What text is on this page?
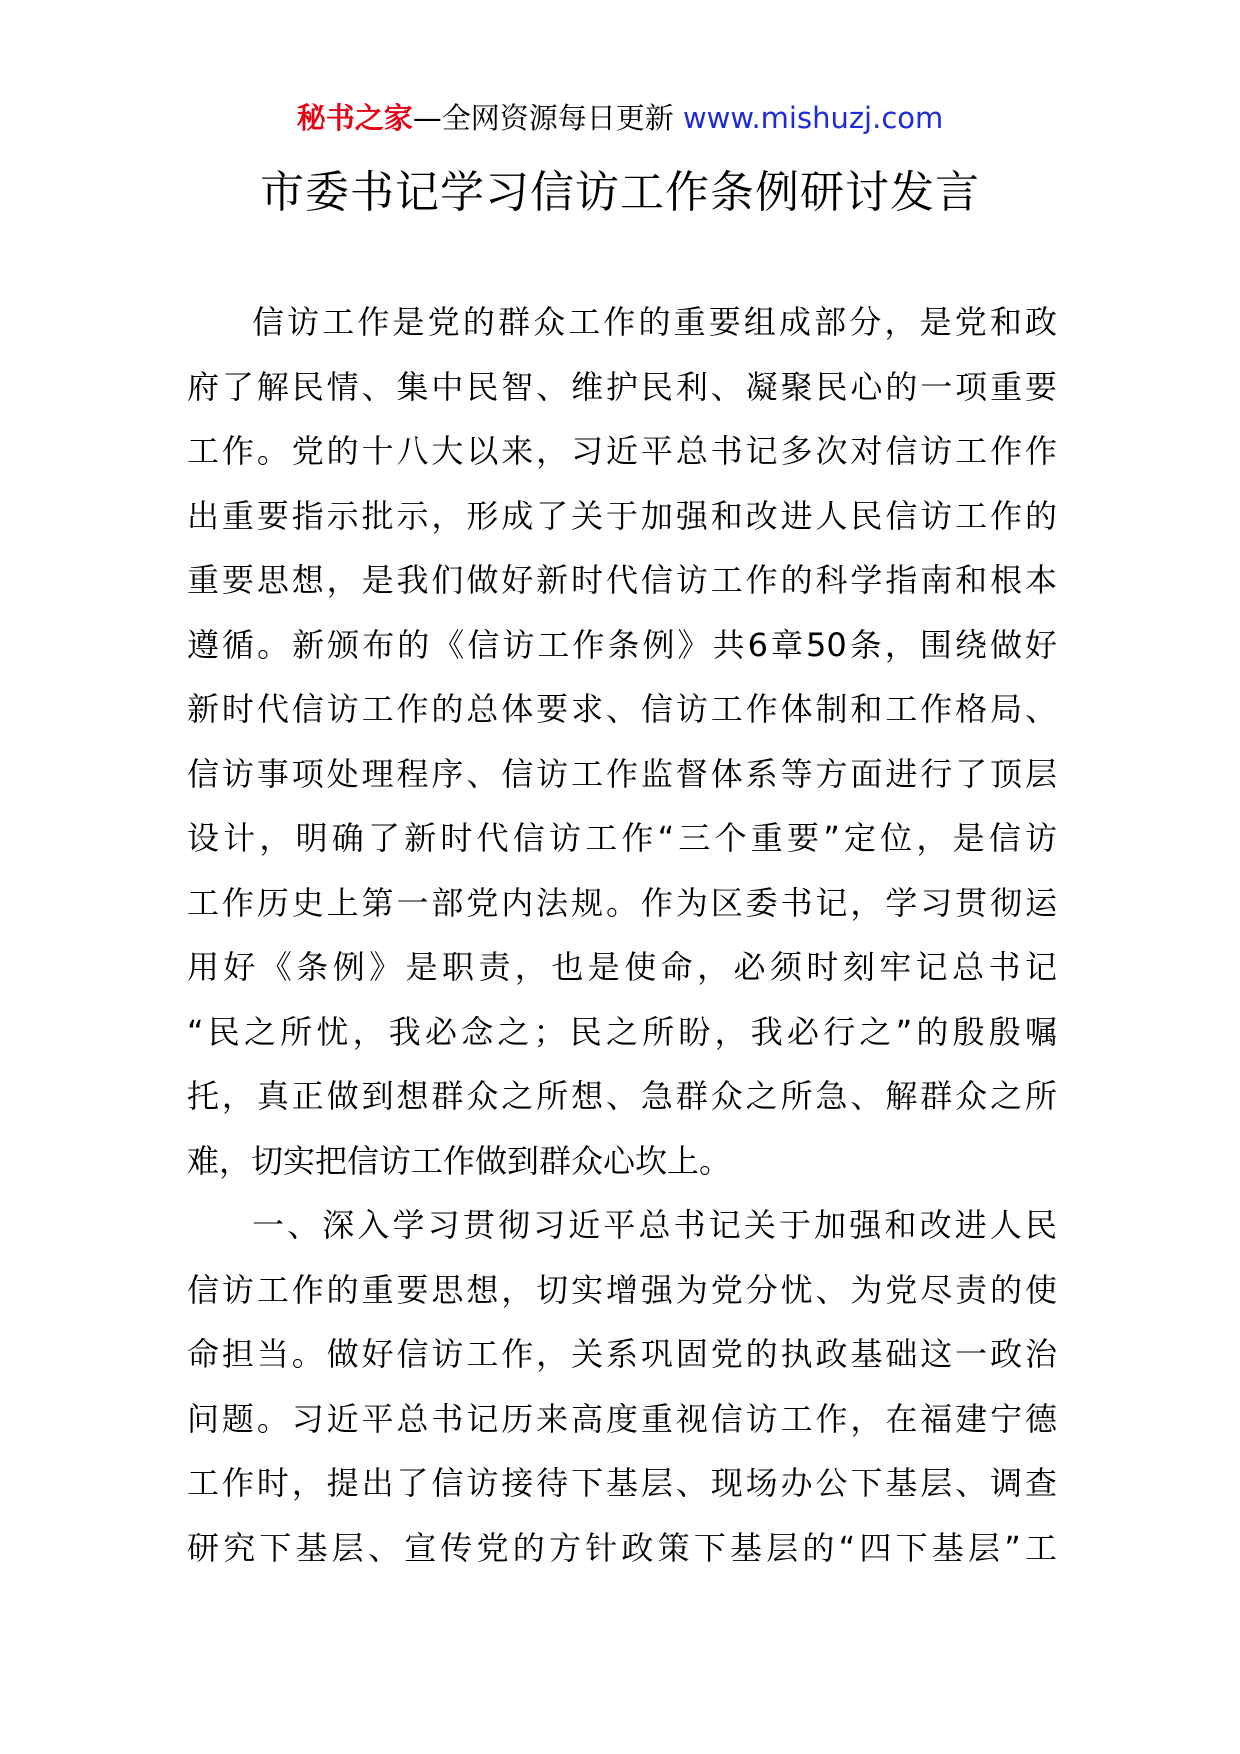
秘书之家—全网资源每日更新 www.mishuzj.com
市委书记学习信访工作条例研讨发言
信访工作是党的群众工作的重要组成部分，是党和政
府了解民情、集中民智、维护民利、凝聚民心的一项重要
工作。党的十八大以来，习近平总书记多次对信访工作作
出重要指示批示，形成了关于加强和改进人民信访工作的
重要思想，是我们做好新时代信访工作的科学指南和根本
遵循。新颁布的《信访工作条例》共6章50条，围绕做好
新时代信访工作的总体要求、信访工作体制和工作格局、
信访事项处理程序、信访工作监督体系等方面进行了顶层
设计，明确了新时代信访工作“三个重要”定位，是信访
工作历史上第一部党内法规。作为区委书记，学习贯彻运
用好《条例》是职责，也是使命，必须时刻牢记总书记
“民之所忧，我必念之；民之所盼，我必行之”的殷殷嘱
托，真正做到想群众之所想、急群众之所急、解群众之所
难，切实把信访工作做到群众心坎上。
一、深入学习贯彻习近平总书记关于加强和改进人民
信访工作的重要思想，切实增强为党分忧、为党尽责的使
命担当。做好信访工作，关系巩固党的执政基础这一政治
问题。习近平总书记历来高度重视信访工作，在福建宁德
工作时，提出了信访接待下基层、现场办公下基层、调查
研究下基层、宣传党的方针政策下基层的“四下基层”工
